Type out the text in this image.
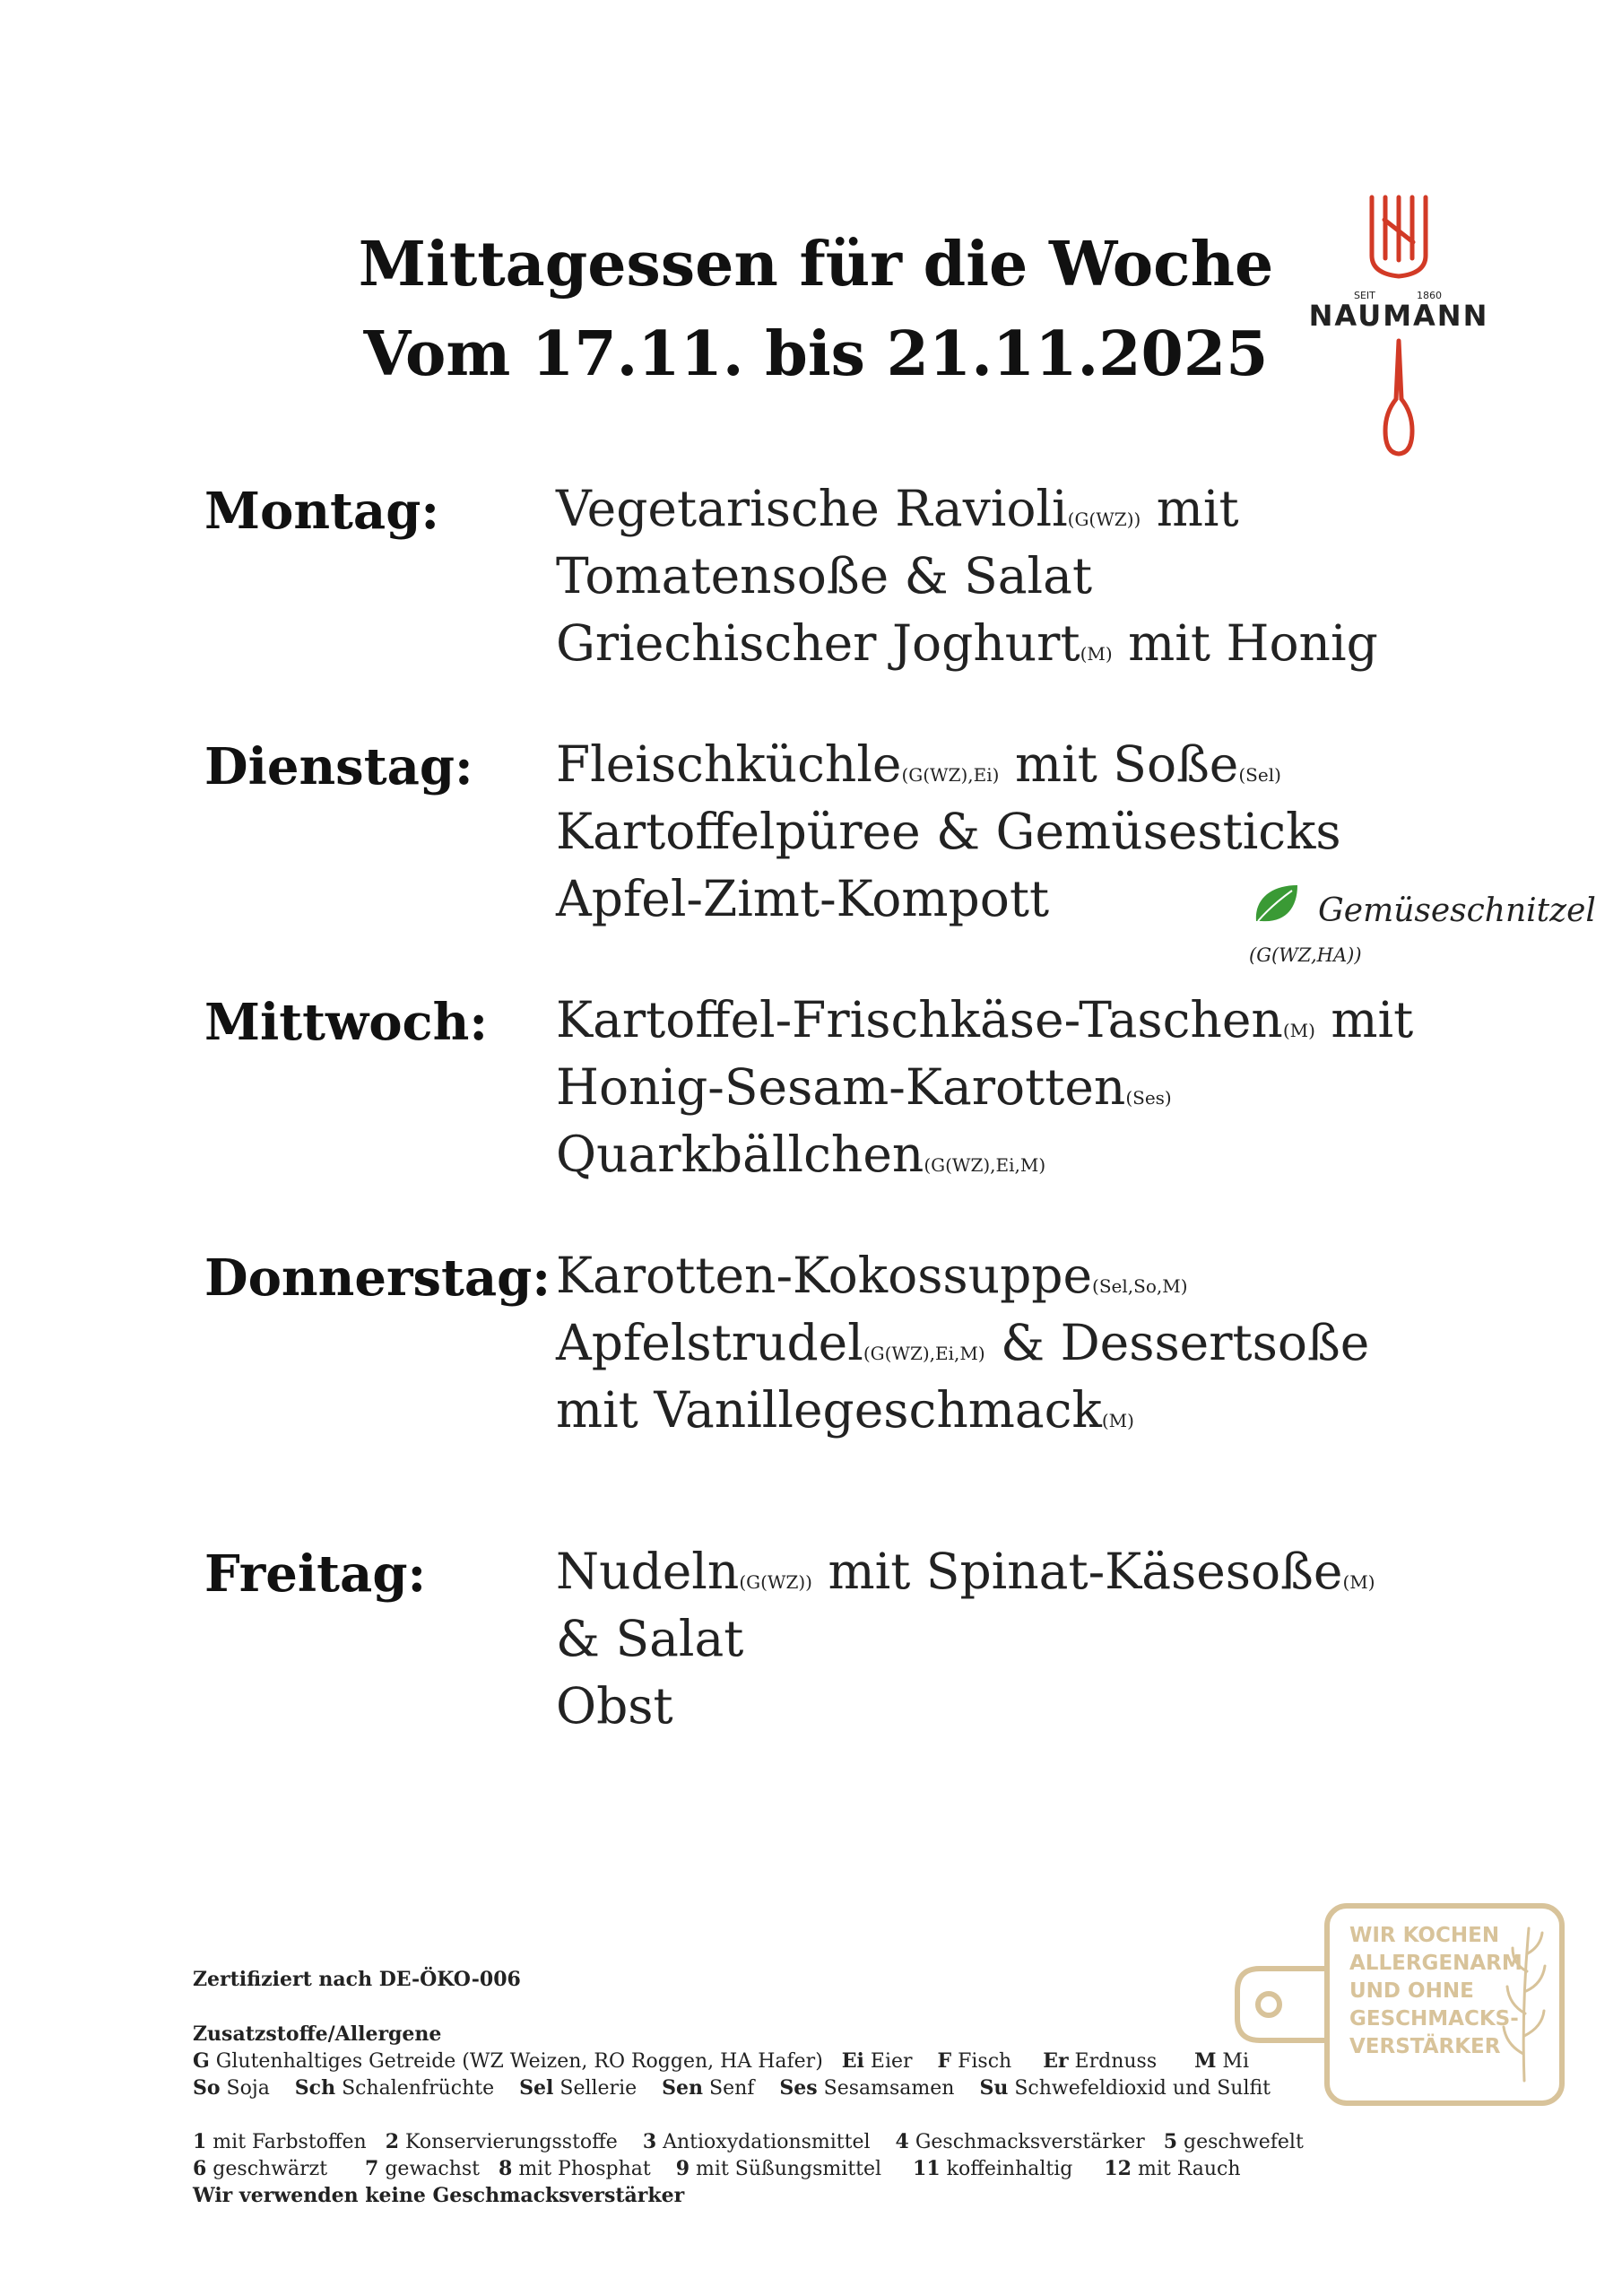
Mittagessen für die Woche
Vom 17.11. bis 21.11.2025
SEIT	1860
NAUMANN
Montag: Vegetarische Ravioli(G(WZ)) mit
Tomatensoße & Salat
Griechischer Joghurt(M) mit Honig
Dienstag: Fleischküchle(G(WZ),Ei) mit Soße(Sel)
Kartoffelpüree & Gemüsesticks
Apfel-Zimt-Kompott
Mittwoch: Kartoffel-Frischkäse-Taschen(M) mit
Honig-Sesam-Karotten(Ses)
Quarkbällchen(G(WZ),Ei,M)
Donnerstag: Karotten-Kokossuppe(Sel,So,M)
Apfelstrudel(G(WZ),Ei,M) & Dessertsoße
mit Vanillegeschmack(M)
Freitag:	Nudeln(G(WZ)) mit Spinat-Käsesoße(M)
& Salat
Obst
Gemüseschnitzel
(G(WZ,HA))
Zertifiziert nach DE-ÖKO-006
Zusatzstoffe/Allergene
G Glutenhaltiges Getreide (WZ Weizen, RO Roggen, HA Hafer)   Ei Eier    F Fisch     Er Erdnuss      M Mi
So Soja    Sch Schalenfrüchte    Sel Sellerie    Sen Senf    Ses Sesamsamen    Su Schwefeldioxid und Sulfit
1 mit Farbstoffen   2 Konservierungsstoffe    3 Antioxydationsmittel    4 Geschmacksverstärker   5 geschwefelt
6 geschwärzt      7 gewachst   8 mit Phosphat    9 mit Süßungsmittel     11 koffeinhaltig     12 mit Rauch
Wir verwenden keine Geschmacksverstärker
WIR KOCHEN
ALLERGENARM
UND OHNE
GESCHMACKS-
VERSTÄRKER
